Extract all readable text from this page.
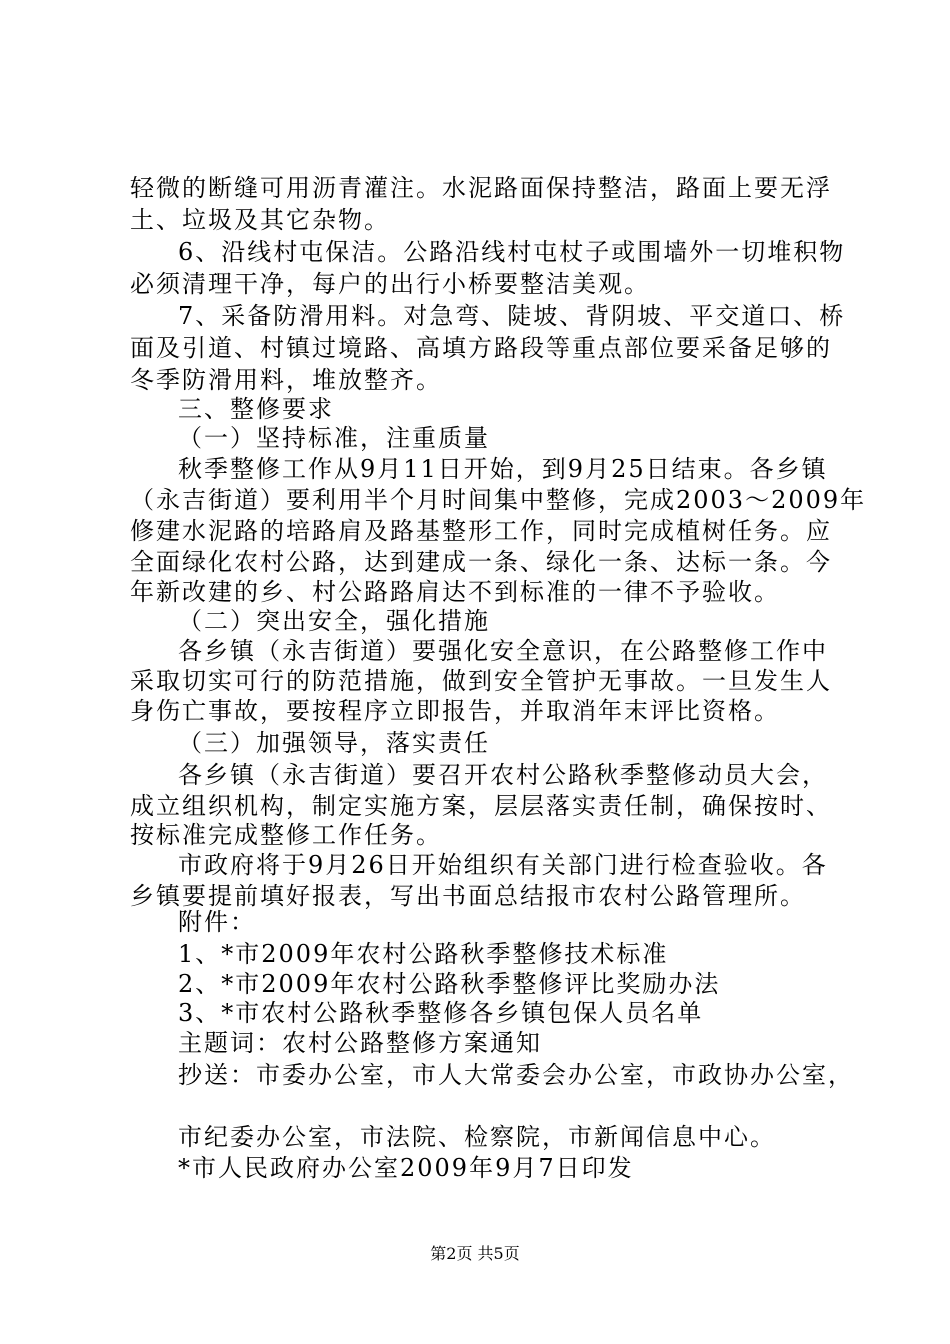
轻微的断缝可用沥青灌注。水泥路面保持整洁，路面上要无浮
土、垃圾及其它杂物。
6、沿线村屯保洁。公路沿线村屯杖子或围墙外一切堆积物
必须清理干净，每户的出行小桥要整洁美观。
7、采备防滑用料。对急弯、陡坡、背阴坡、平交道口、桥
面及引道、村镇过境路、高填方路段等重点部位要采备足够的
冬季防滑用料，堆放整齐。
三、整修要求
（一）坚持标准，注重质量
秋季整修工作从9月11日开始，到9月25日结束。各乡镇
（永吉街道）要利用半个月时间集中整修，完成2003～2009年
修建水泥路的培路肩及路基整形工作，同时完成植树任务。应
全面绿化农村公路，达到建成一条、绿化一条、达标一条。今
年新改建的乡、村公路路肩达不到标准的一律不予验收。
（二）突出安全，强化措施
各乡镇（永吉街道）要强化安全意识，在公路整修工作中
采取切实可行的防范措施，做到安全管护无事故。一旦发生人
身伤亡事故，要按程序立即报告，并取消年末评比资格。
（三）加强领导，落实责任
各乡镇（永吉街道）要召开农村公路秋季整修动员大会，
成立组织机构，制定实施方案，层层落实责任制，确保按时、
按标准完成整修工作任务。
市政府将于9月26日开始组织有关部门进行检查验收。各
乡镇要提前填好报表，写出书面总结报市农村公路管理所。
附件：
1、*市2009年农村公路秋季整修技术标准
2、*市2009年农村公路秋季整修评比奖励办法
3、*市农村公路秋季整修各乡镇包保人员名单
主题词：农村公路整修方案通知
抄送：市委办公室，市人大常委会办公室，市政协办公室，
市纪委办公室，市法院、检察院，市新闻信息中心。
*市人民政府办公室2009年9月7日印发
第2页 共5页
